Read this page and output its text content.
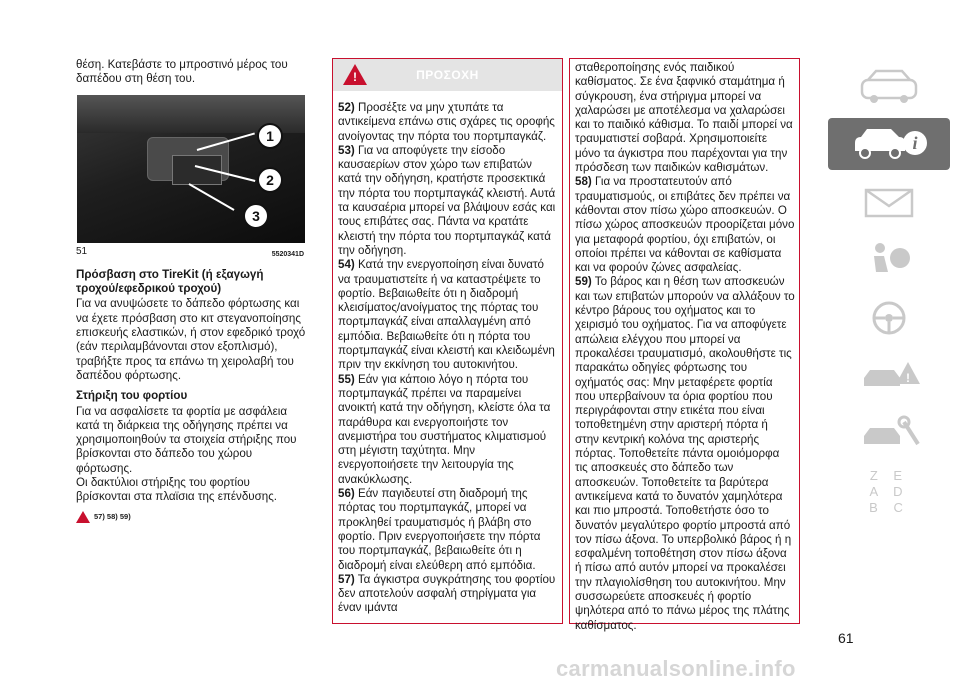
θέση. Κατεβάστε το μπροστινό μέρος του δαπέδου στη θέση του.

1
2
3
51	5520341D
Πρόσβαση στο TireKit (ή εξαγωγή τροχού/εφεδρικού τροχού)

Για να ανυψώσετε το δάπεδο φόρτωσης και να έχετε πρόσβαση στο κιτ στεγανοποίησης επισκευής ελαστικών, ή στον εφεδρικό τροχό (εάν περιλαμβάνονται στον εξοπλισμό), τραβήξτε προς τα επάνω τη χειρολαβή του δαπέδου φόρτωσης.

Στήριξη του φορτίου

Για να ασφαλίσετε τα φορτία με ασφάλεια κατά τη διάρκεια της οδήγησης πρέπει να χρησιμοποιηθούν τα στοιχεία στήριξης που βρίσκονται στο δάπεδο του χώρου φόρτωσης.

Οι δακτύλιοι στήριξης του φορτίου βρίσκονται στα πλαϊσια της επένδυσης.

57) 58) 59)
!	ΠΡΟΣΟΧΗ

52) Προσέξτε να μην χτυπάτε τα αντικείμενα επάνω στις σχάρες τις οροφής ανοίγοντας την πόρτα του πορτμπαγκάζ.

53) Για να αποφύγετε την είσοδο καυσαερίων στον χώρο των επιβατών κατά την οδήγηση, κρατήστε προσεκτικά την πόρτα του πορτμπαγκάζ κλειστή. Αυτά τα καυσαέρια μπορεί να βλάψουν εσάς και τους επιβάτες σας. Πάντα να κρατάτε κλειστή την πόρτα του πορτμπαγκάζ κατά την οδήγηση.

54) Κατά την ενεργοποίηση είναι δυνατό να τραυματιστείτε ή να καταστρέψετε το φορτίο. Βεβαιωθείτε ότι η διαδρομή κλεισίματος/ανοίγματος της πόρτας του πορτμπαγκάζ είναι απαλλαγμένη από εμπόδια. Βεβαιωθείτε ότι η πόρτα του πορτμπαγκάζ είναι κλειστή και κλειδωμένη πριν την εκκίνηση του αυτοκινήτου.

55) Εάν για κάποιο λόγο η πόρτα του πορτμπαγκάζ πρέπει να παραμείνει ανοικτή κατά την οδήγηση, κλείστε όλα τα παράθυρα και ενεργοποιήστε τον ανεμιστήρα του συστήματος κλιματισμού στη μέγιστη ταχύτητα. Μην ενεργοποιήσετε την λειτουργία της ανακύκλωσης.

56) Εάν παγιδευτεί στη διαδρομή της πόρτας του πορτμπαγκάζ, μπορεί να προκληθεί τραυματισμός ή βλάβη στο φορτίο. Πριν ενεργοποιήσετε την πόρτα του πορτμπαγκάζ, βεβαιωθείτε ότι η διαδρομή είναι ελεύθερη από εμπόδια.

57) Τα άγκιστρα συγκράτησης του φορτίου δεν αποτελούν ασφαλή στηρίγματα για έναν ιμάντα

σταθεροποίησης ενός παιδικού καθίσματος. Σε ένα ξαφνικό σταμάτημα ή σύγκρουση, ένα στήριγμα μπορεί να χαλαρώσει με αποτέλεσμα να χαλαρώσει και το παιδικό κάθισμα. Το παιδί μπορεί να τραυματιστεί σοβαρά. Χρησιμοποιείτε μόνο τα άγκιστρα που παρέχονται για την πρόσδεση των παιδικών καθισμάτων.

58) Για να προστατευτούν από τραυματισμούς, οι επιβάτες δεν πρέπει να κάθονται στον πίσω χώρο αποσκευών. Ο πίσω χώρος αποσκευών προορίζεται μόνο για μεταφορά φορτίου, όχι επιβατών, οι οποίοι πρέπει να κάθονται σε καθίσματα και να φορούν ζώνες ασφαλείας.

59) Το βάρος και η θέση των αποσκευών και των επιβατών μπορούν να αλλάξουν το κέντρο βάρους του οχήματος και το χειρισμό του οχήματος. Για να αποφύγετε απώλεια ελέγχου που μπορεί να προκαλέσει τραυματισμό, ακολουθήστε τις παρακάτω οδηγίες φόρτωσης του οχήματός σας: Μην μεταφέρετε φορτία που υπερβαίνουν τα όρια φορτίου που περιγράφονται στην ετικέτα που είναι τοποθετημένη στην αριστερή πόρτα ή στην κεντρική κολόνα της αριστερής πόρτας. Τοποθετείτε πάντα ομοιόμορφα τις αποσκευές στο δάπεδο των αποσκευών. Τοποθετείτε τα βαρύτερα αντικείμενα κατά το δυνατόν χαμηλότερα και πιο μπροστά. Τοποθετήστε όσο το δυνατόν μεγαλύτερο φορτίο μπροστά από τον πίσω άξονα. Το υπερβολικό βάρος ή η εσφαλμένη τοποθέτηση στον πίσω άξονα ή πίσω από αυτόν μπορεί να προκαλέσει την πλαγιολίσθηση του αυτοκινήτου. Μην συσσωρεύετε αποσκευές ή φορτίο ψηλότερα από το πάνω μέρος της πλάτης καθίσματος.

i
!
Z E A D B C
61
carmanualsonline.info
